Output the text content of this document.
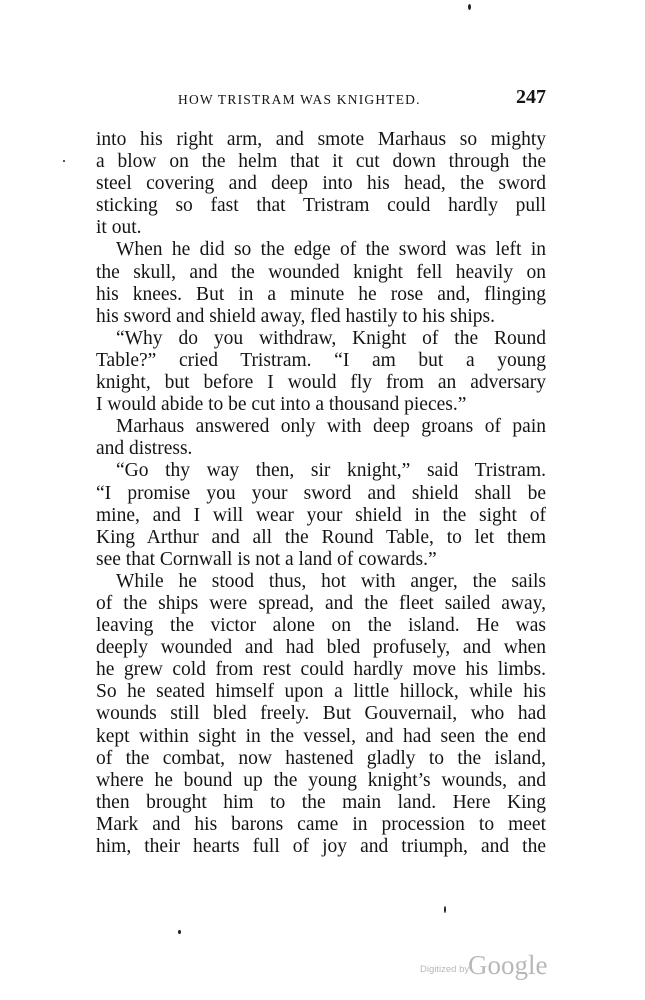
HOW TRISTRAM WAS KNIGHTED.	247
into his right arm, and smote Marhaus so mighty
a blow on the helm that it cut down through the
steel covering and deep into his head, the sword
sticking so fast that Tristram could hardly pull
it out.
When he did so the edge of the sword was left in
the skull, and the wounded knight fell heavily on
his knees. But in a minute he rose and, flinging
his sword and shield away, fled hastily to his ships.
“Why do you withdraw, Knight of the Round
Table?” cried Tristram. “I am but a young
knight, but before I would fly from an adversary
I would abide to be cut into a thousand pieces.”
Marhaus answered only with deep groans of pain
and distress.
“Go thy way then, sir knight,” said Tristram.
“I promise you your sword and shield shall be
mine, and I will wear your shield in the sight of
King Arthur and all the Round Table, to let them
see that Cornwall is not a land of cowards.”
While he stood thus, hot with anger, the sails
of the ships were spread, and the fleet sailed away,
leaving the victor alone on the island. He was
deeply wounded and had bled profusely, and when
he grew cold from rest could hardly move his limbs.
So he seated himself upon a little hillock, while his
wounds still bled freely. But Gouvernail, who had
kept within sight in the vessel, and had seen the end
of the combat, now hastened gladly to the island,
where he bound up the young knight’s wounds, and
then brought him to the main land. Here King
Mark and his barons came in procession to meet
him, their hearts full of joy and triumph, and the
Digitized by
Google
